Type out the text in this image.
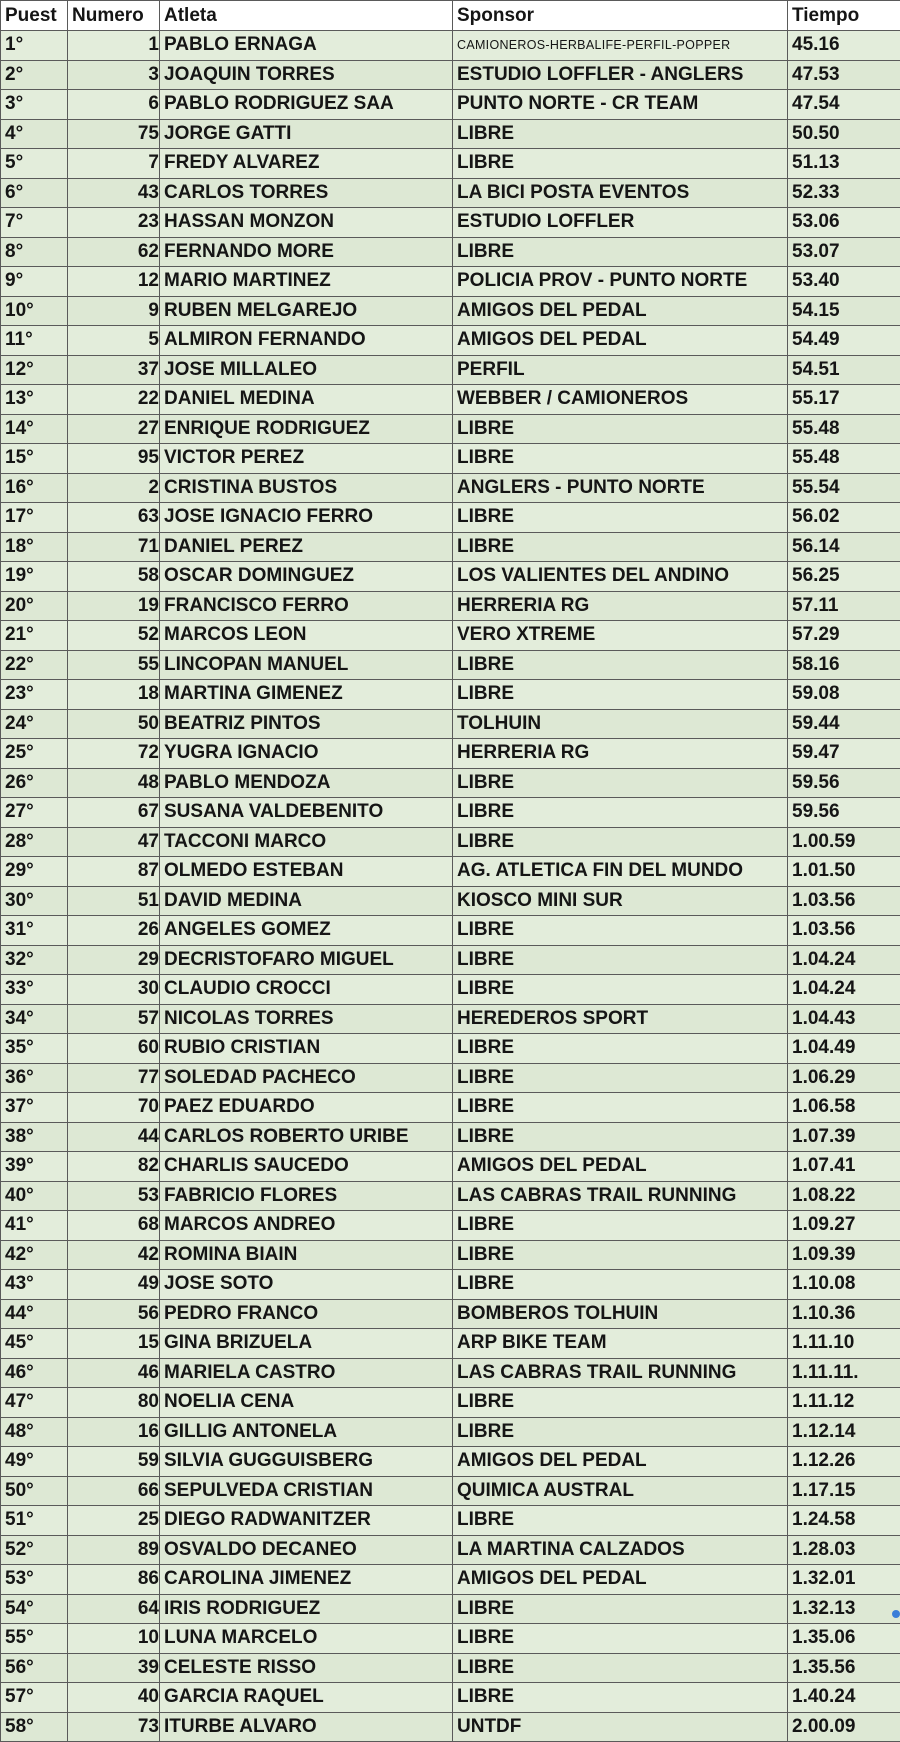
Puest	Numero	Atleta	Sponsor	Tiempo
1°	1	PABLO ERNAGA	CAMIONEROS-HERBALIFE-PERFIL-POPPER	45.16
2°	3	JOAQUIN TORRES	ESTUDIO LOFFLER - ANGLERS	47.53
3°	6	PABLO RODRIGUEZ SAA	PUNTO NORTE - CR TEAM	47.54
4°	75	JORGE GATTI	LIBRE	50.50
5°	7	FREDY ALVAREZ	LIBRE	51.13
6°	43	CARLOS TORRES	LA BICI POSTA EVENTOS	52.33
7°	23	HASSAN MONZON	ESTUDIO LOFFLER	53.06
8°	62	FERNANDO MORE	LIBRE	53.07
9°	12	MARIO MARTINEZ	POLICIA PROV - PUNTO NORTE	53.40
10°	9	RUBEN MELGAREJO	AMIGOS DEL PEDAL	54.15
11°	5	ALMIRON FERNANDO	AMIGOS DEL PEDAL	54.49
12°	37	JOSE MILLALEO	PERFIL	54.51
13°	22	DANIEL MEDINA	WEBBER / CAMIONEROS	55.17
14°	27	ENRIQUE RODRIGUEZ	LIBRE	55.48
15°	95	VICTOR PEREZ	LIBRE	55.48
16°	2	CRISTINA BUSTOS	ANGLERS - PUNTO NORTE	55.54
17°	63	JOSE IGNACIO FERRO	LIBRE	56.02
18°	71	DANIEL PEREZ	LIBRE	56.14
19°	58	OSCAR DOMINGUEZ	LOS VALIENTES DEL ANDINO	56.25
20°	19	FRANCISCO FERRO	HERRERIA RG	57.11
21°	52	MARCOS LEON	VERO XTREME	57.29
22°	55	LINCOPAN MANUEL	LIBRE	58.16
23°	18	MARTINA GIMENEZ	LIBRE	59.08
24°	50	BEATRIZ PINTOS	TOLHUIN	59.44
25°	72	YUGRA IGNACIO	HERRERIA RG	59.47
26°	48	PABLO MENDOZA	LIBRE	59.56
27°	67	SUSANA VALDEBENITO	LIBRE	59.56
28°	47	TACCONI MARCO	LIBRE	1.00.59
29°	87	OLMEDO ESTEBAN	AG. ATLETICA FIN DEL MUNDO	1.01.50
30°	51	DAVID MEDINA	KIOSCO MINI SUR	1.03.56
31°	26	ANGELES GOMEZ	LIBRE	1.03.56
32°	29	DECRISTOFARO MIGUEL	LIBRE	1.04.24
33°	30	CLAUDIO CROCCI	LIBRE	1.04.24
34°	57	NICOLAS TORRES	HEREDEROS SPORT	1.04.43
35°	60	RUBIO CRISTIAN	LIBRE	1.04.49
36°	77	SOLEDAD PACHECO	LIBRE	1.06.29
37°	70	PAEZ EDUARDO	LIBRE	1.06.58
38°	44	CARLOS ROBERTO URIBE	LIBRE	1.07.39
39°	82	CHARLIS SAUCEDO	AMIGOS DEL PEDAL	1.07.41
40°	53	FABRICIO FLORES	LAS CABRAS TRAIL RUNNING	1.08.22
41°	68	MARCOS ANDREO	LIBRE	1.09.27
42°	42	ROMINA BIAIN	LIBRE	1.09.39
43°	49	JOSE SOTO	LIBRE	1.10.08
44°	56	PEDRO FRANCO	BOMBEROS TOLHUIN	1.10.36
45°	15	GINA BRIZUELA	ARP BIKE TEAM	1.11.10
46°	46	MARIELA CASTRO	LAS CABRAS TRAIL RUNNING	1.11.11.
47°	80	NOELIA CENA	LIBRE	1.11.12
48°	16	GILLIG ANTONELA	LIBRE	1.12.14
49°	59	SILVIA GUGGUISBERG	AMIGOS DEL PEDAL	1.12.26
50°	66	SEPULVEDA CRISTIAN	QUIMICA AUSTRAL	1.17.15
51°	25	DIEGO RADWANITZER	LIBRE	1.24.58
52°	89	OSVALDO DECANEO	LA MARTINA CALZADOS	1.28.03
53°	86	CAROLINA JIMENEZ	AMIGOS DEL PEDAL	1.32.01
54°	64	IRIS RODRIGUEZ	LIBRE	1.32.13
55°	10	LUNA MARCELO	LIBRE	1.35.06
56°	39	CELESTE RISSO	LIBRE	1.35.56
57°	40	GARCIA RAQUEL	LIBRE	1.40.24
58°	73	ITURBE ALVARO	UNTDF	2.00.09
